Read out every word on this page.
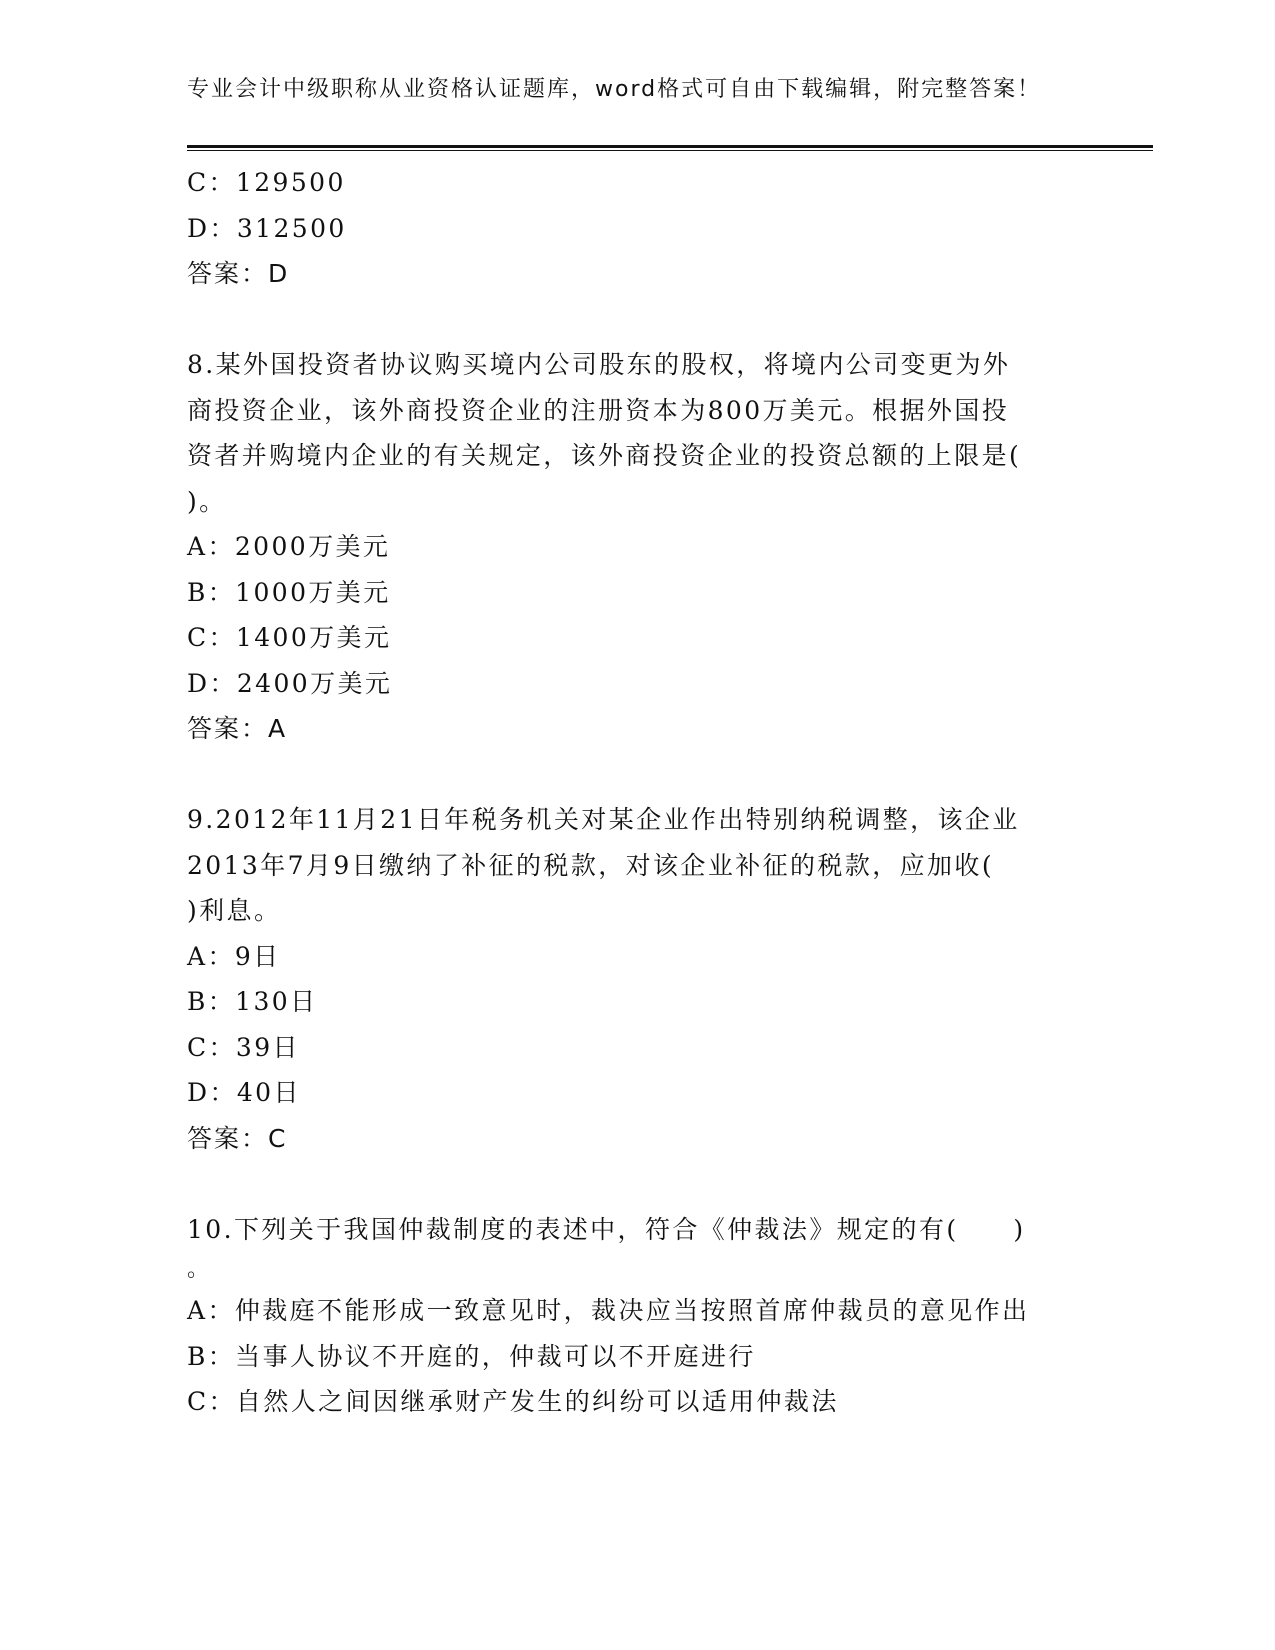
专业会计中级职称从业资格认证题库，word格式可自由下载编辑，附完整答案！
C：129500
D：312500
答案：D
8.某外国投资者协议购买境内公司股东的股权，将境内公司变更为外
商投资企业，该外商投资企业的注册资本为800万美元。根据外国投
资者并购境内企业的有关规定，该外商投资企业的投资总额的上限是(
)。
A：2000万美元
B：1000万美元
C：1400万美元
D：2400万美元
答案：A
9.2012年11月21日年税务机关对某企业作出特别纳税调整，该企业
2013年7月9日缴纳了补征的税款，对该企业补征的税款，应加收(
)利息。
A：9日
B：130日
C：39日
D：40日
答案：C
10.下列关于我国仲裁制度的表述中，符合《仲裁法》规定的有(　　)
。
A：仲裁庭不能形成一致意见时，裁决应当按照首席仲裁员的意见作出
B：当事人协议不开庭的，仲裁可以不开庭进行
C：自然人之间因继承财产发生的纠纷可以适用仲裁法
